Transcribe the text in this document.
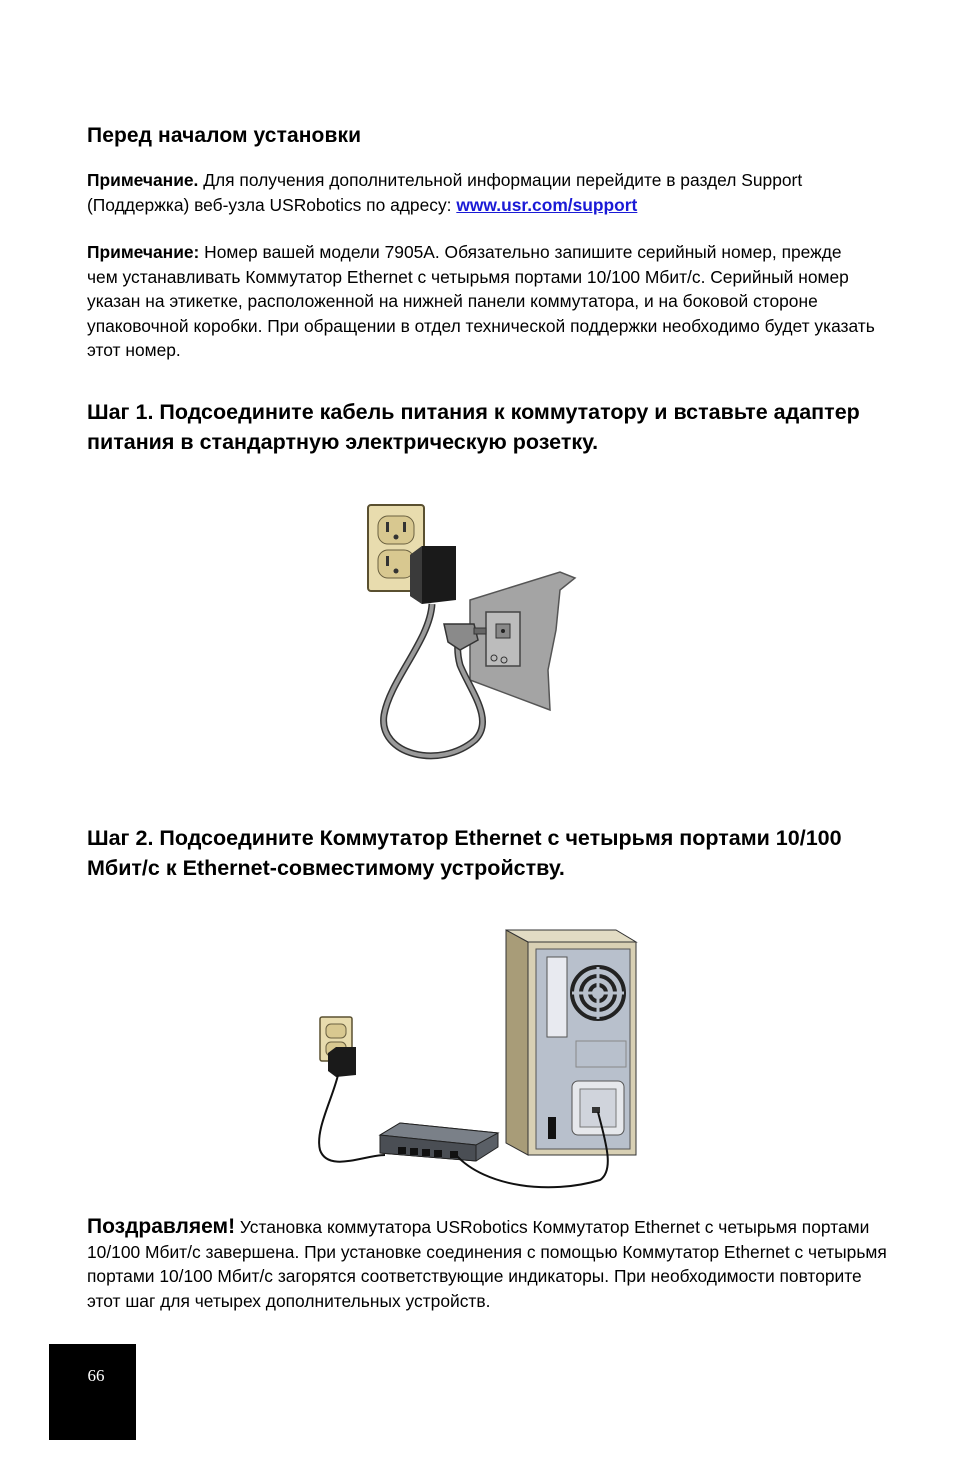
Перед началом установки

Примечание. Для получения дополнительной информации перейдите в раздел Support (Поддержка) веб-узла USRobotics по адресу: www.usr.com/support

Примечание: Номер вашей модели 7905A. Обязательно запишите серийный номер, прежде чем устанавливать Коммутатор Ethernet с четырьмя портами 10/100 Мбит/с. Серийный номер указан на этикетке, расположенной на нижней панели коммутатора, и на боковой стороне упаковочной коробки. При обращении в отдел технической поддержки необходимо будет указать этот номер.

Шаг 1. Подсоедините кабель питания к коммутатору и вставьте адаптер питания в стандартную электрическую розетку.
Шаг 2. Подсоедините Коммутатор Ethernet с четырьмя портами 10/100 Мбит/с к Ethernet-совместимому устройству.

Поздравляем! Установка коммутатора USRobotics Коммутатор Ethernet с четырьмя портами 10/100 Мбит/с завершена. При установке соединения с помощью Коммутатор Ethernet с четырьмя портами 10/100 Мбит/с загорятся соответствующие индикаторы. При необходимости повторите этот шаг для четырех дополнительных устройств.

66
